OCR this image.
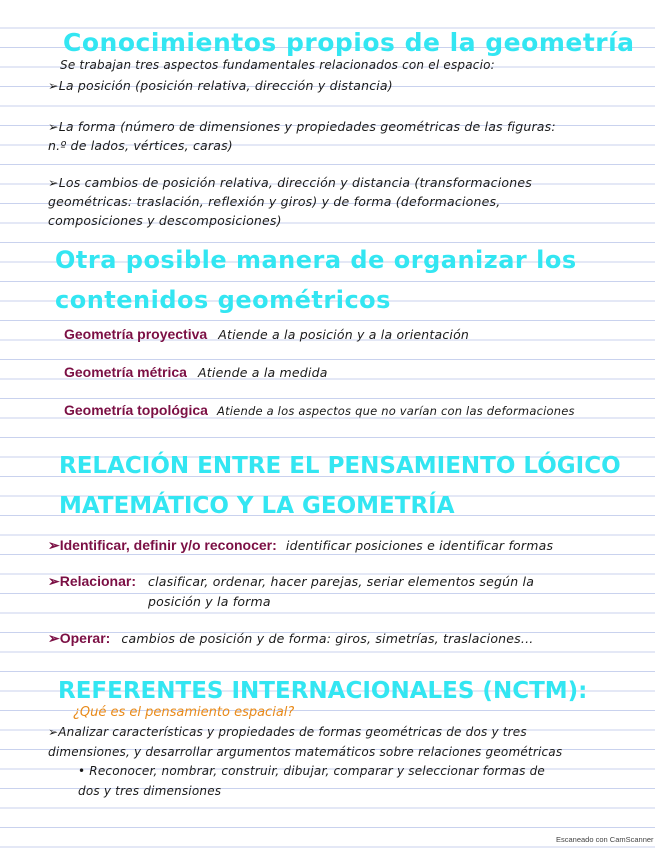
Conocimientos propios de la geometría
Se trabajan tres aspectos fundamentales relacionados con el espacio:
➢La posición (posición relativa, dirección y distancia)
➢La forma (número de dimensiones y propiedades geométricas de las figuras:
n.º de lados, vértices, caras)
➢Los cambios de posición relativa, dirección y distancia (transformaciones
geométricas: traslación, reflexión y giros) y de forma (deformaciones,
composiciones y descomposiciones)
Otra posible manera de organizar los
contenidos geométricos
Geometría proyectiva Atiende a la posición y a la orientación
Geometría métrica Atiende a la medida
Geometría topológica Atiende a los aspectos que no varían con las deformaciones
RELACIÓN ENTRE EL PENSAMIENTO LÓGICO
MATEMÁTICO Y LA GEOMETRÍA
➢Identificar, definir y/o reconocer: identificar posiciones e identificar formas
➢Relacionar: clasificar, ordenar, hacer parejas, seriar elementos según la
posición y la forma
➢Operar: cambios de posición y de forma: giros, simetrías, traslaciones...
REFERENTES INTERNACIONALES (NCTM):
¿Qué es el pensamiento espacial?
➢Analizar características y propiedades de formas geométricas de dos y tres
dimensiones, y desarrollar argumentos matemáticos sobre relaciones geométricas
• Reconocer, nombrar, construir, dibujar, comparar y seleccionar formas de
dos y tres dimensiones
Escaneado con CamScanner
